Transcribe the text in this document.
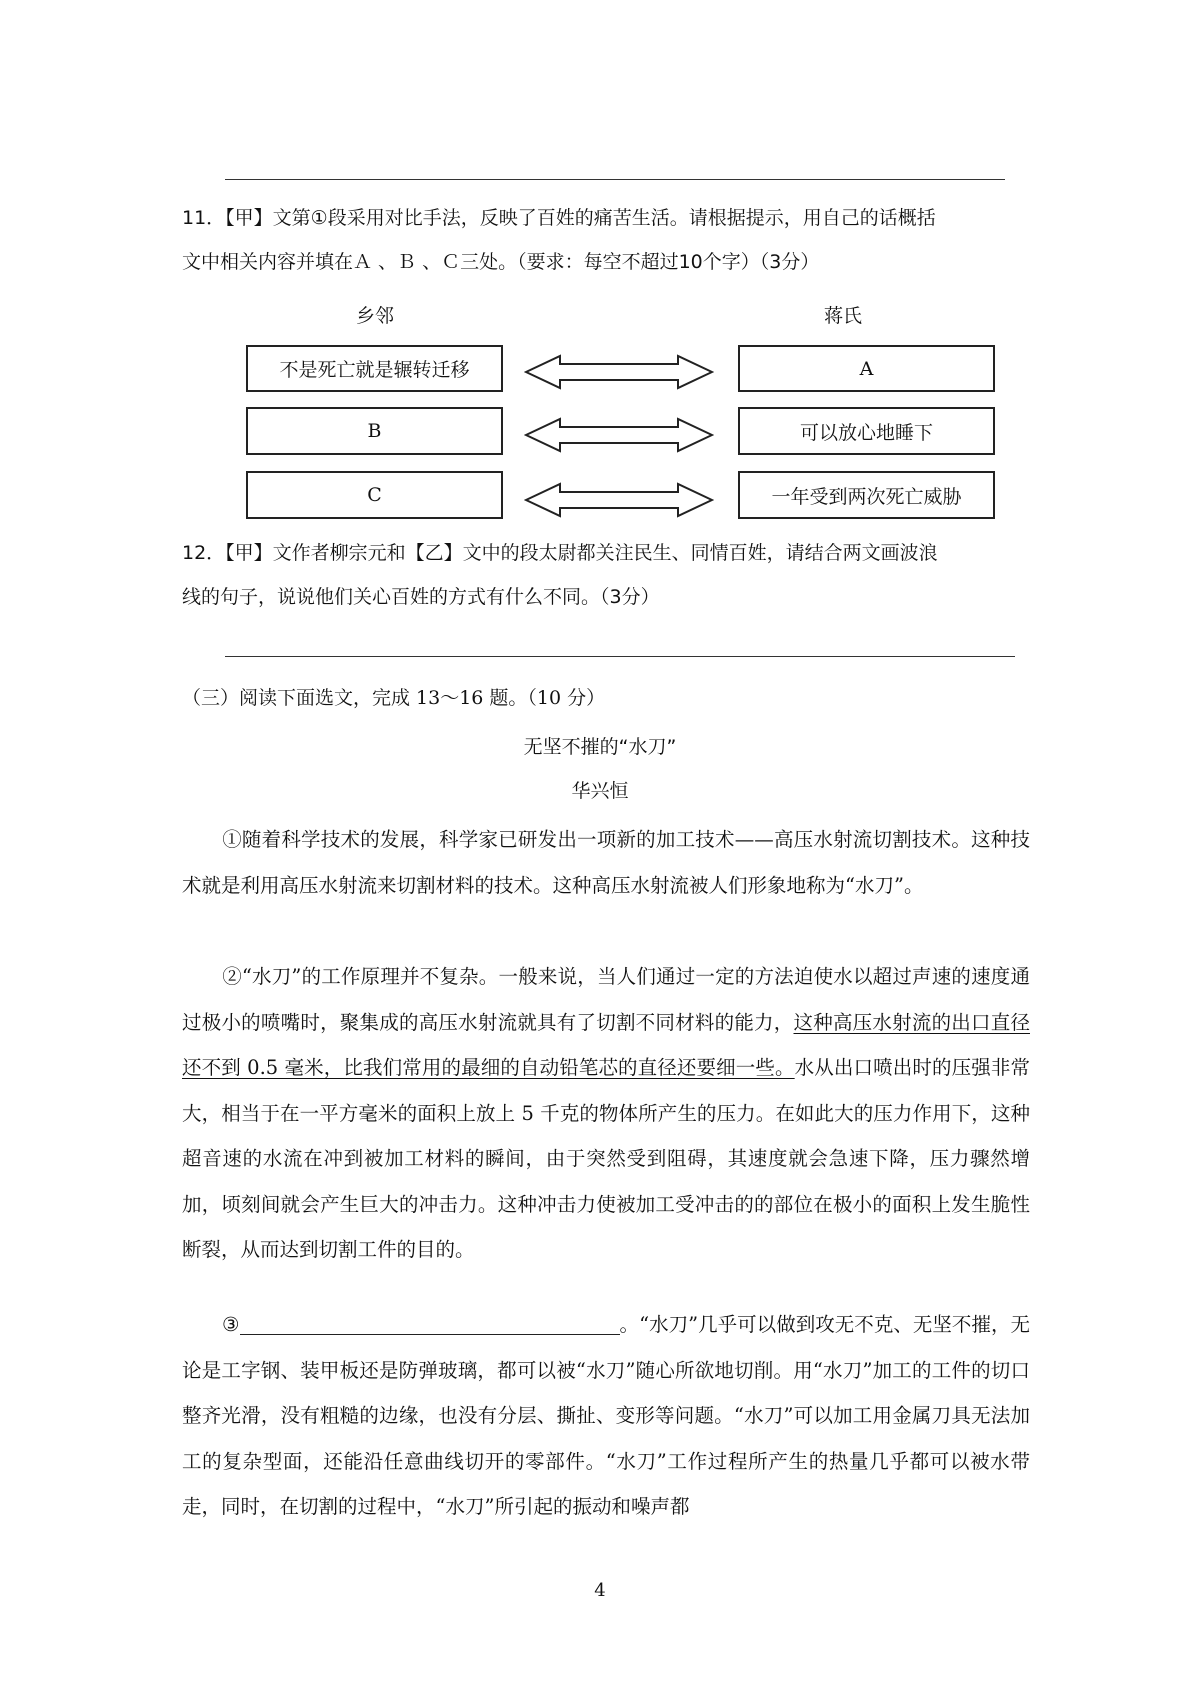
11．【甲】文第①段采用对比手法，反映了百姓的痛苦生活。请根据提示，用自己的话概括
文中相关内容并填在Ａ 、Ｂ 、Ｃ三处。（要求：每空不超过10个字）（3分）
乡邻	蒋氏
不是死亡就是辗转迁移
B
C
A
可以放心地睡下
一年受到两次死亡威胁
12．【甲】文作者柳宗元和【乙】文中的段太尉都关注民生、同情百姓，请结合两文画波浪
线的句子，说说他们关心百姓的方式有什么不同。（3分）
（三）阅读下面选文，完成 13～16 题。（10 分）
无坚不摧的“水刀”
华兴恒
①随着科学技术的发展，科学家已研发出一项新的加工技术——高压水射流切割技术。这种技术就是利用高压水射流来切割材料的技术。这种高压水射流被人们形象地称为“水刀”。
②“水刀”的工作原理并不复杂。一般来说，当人们通过一定的方法迫使水以超过声速的速度通过极小的喷嘴时，聚集成的高压水射流就具有了切割不同材料的能力，这种高压水射流的出口直径还不到 0.5 毫米，比我们常用的最细的自动铅笔芯的直径还要细一些。水从出口喷出时的压强非常大，相当于在一平方毫米的面积上放上 5 千克的物体所产生的压力。在如此大的压力作用下，这种超音速的水流在冲到被加工材料的瞬间，由于突然受到阻碍，其速度就会急速下降，压力骤然增加，顷刻间就会产生巨大的冲击力。这种冲击力使被加工受冲击的的部位在极小的面积上发生脆性断裂，从而达到切割工件的目的。
③	。“水刀”几乎可以做到攻无不克、无坚不摧，无论是工字钢、装甲板还是防弹玻璃，都可以被“水刀”随心所欲地切削。用“水刀”加工的工件的切口整齐光滑，没有粗糙的边缘，也没有分层、撕扯、变形等问题。“水刀”可以加工用金属刀具无法加工的复杂型面，还能沿任意曲线切开的零部件。“水刀”工作过程所产生的热量几乎都可以被水带走，同时，在切割的过程中，“水刀”所引起的振动和噪声都
4
